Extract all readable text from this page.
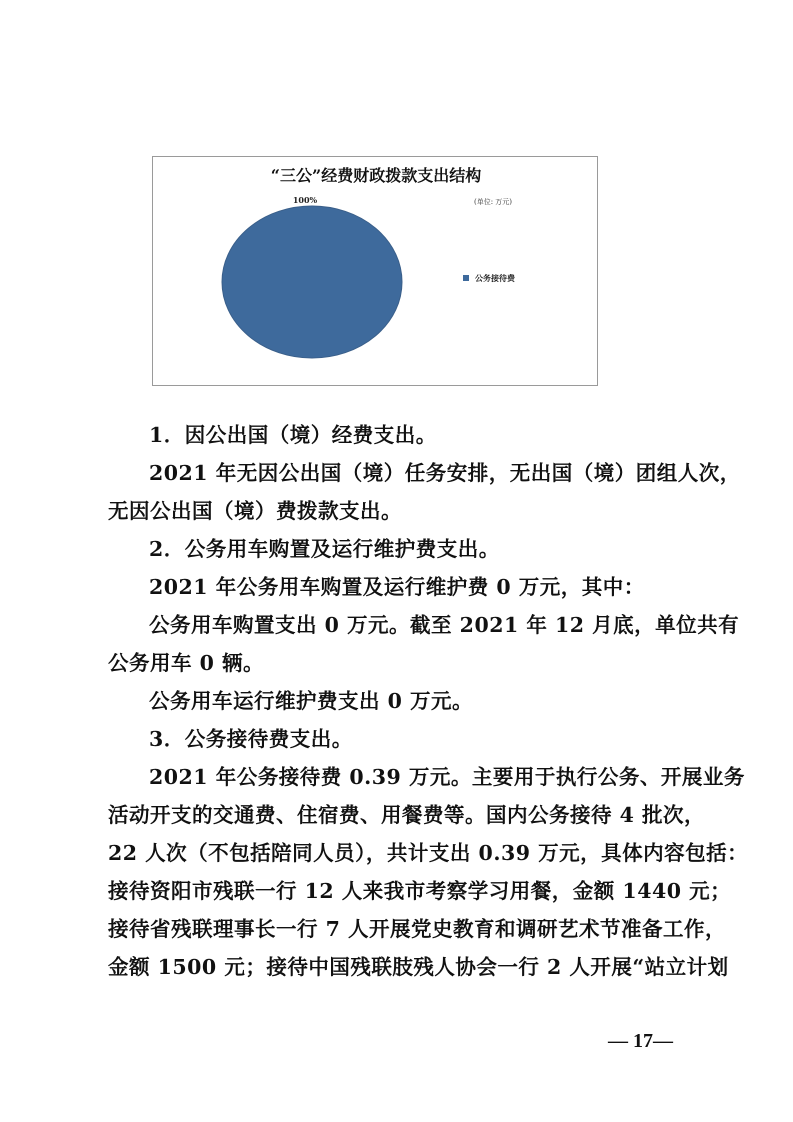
“三公”经费财政拨款支出结构
(单位: 万元)
100%
公务接待费
1．因公出国（境）经费支出。
2021 年无因公出国（境）任务安排，无出国（境）团组人次，
无因公出国（境）费拨款支出。
2．公务用车购置及运行维护费支出。
2021 年公务用车购置及运行维护费 0 万元，其中：
公务用车购置支出 0 万元。截至 2021 年 12 月底，单位共有
公务用车 0 辆。
公务用车运行维护费支出 0 万元。
3．公务接待费支出。
2021 年公务接待费 0.39 万元。主要用于执行公务、开展业务
活动开支的交通费、住宿费、用餐费等。国内公务接待 4 批次，
22 人次（不包括陪同人员），共计支出 0.39 万元，具体内容包括：
接待资阳市残联一行 12 人来我市考察学习用餐，金额 1440 元；
接待省残联理事长一行 7 人开展党史教育和调研艺术节准备工作，
金额 1500 元；接待中国残联肢残人协会一行 2 人开展“站立计划
— 17—
